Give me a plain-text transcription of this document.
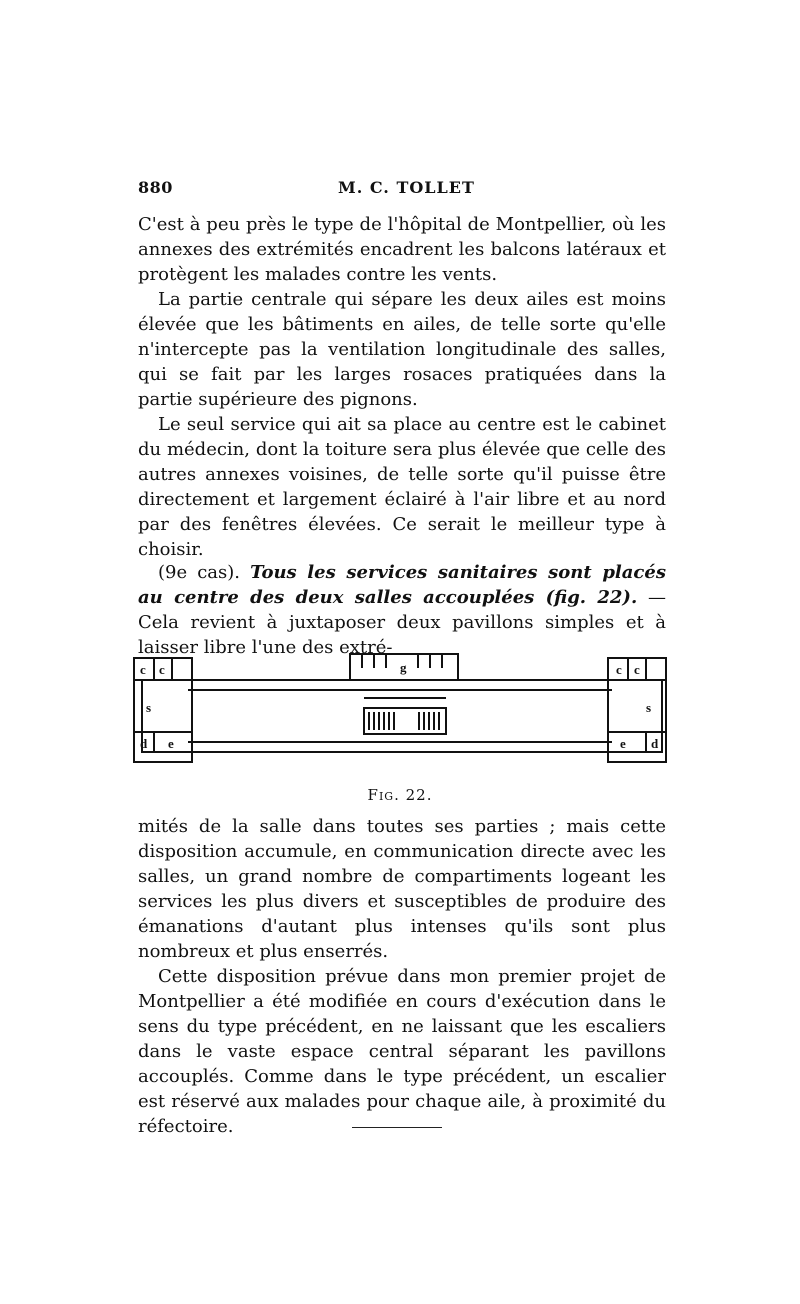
880	M. C. TOLLET

C'est à peu près le type de l'hôpital de Montpellier, où les annexes des extrémités encadrent les balcons latéraux et protègent les malades contre les vents.

La partie centrale qui sépare les deux ailes est moins élevée que les bâtiments en ailes, de telle sorte qu'elle n'intercepte pas la ventilation longitudinale des salles, qui se fait par les larges rosaces pratiquées dans la partie supérieure des pignons.

Le seul service qui ait sa place au centre est le cabinet du médecin, dont la toiture sera plus élevée que celle des autres annexes voisines, de telle sorte qu'il puisse être directement et largement éclairé à l'air libre et au nord par des fenêtres élevées. Ce serait le meilleur type à choisir.

(9e cas). Tous les services sanitaires sont placés au centre des deux salles accouplées (fig. 22). — Cela revient à juxtaposer deux pavillons simples et à laisser libre l'une des extré-

c c
s
d e
g	c c
s
e d
Fig. 22.

mités de la salle dans toutes ses parties ; mais cette disposition accumule, en communication directe avec les salles, un grand nombre de compartiments logeant les services les plus divers et susceptibles de produire des émanations d'autant plus intenses qu'ils sont plus nombreux et plus enserrés.

Cette disposition prévue dans mon premier projet de Montpellier a été modifiée en cours d'exécution dans le sens du type précédent, en ne laissant que les escaliers dans le vaste espace central séparant les pavillons accouplés. Comme dans le type précédent, un escalier est réservé aux malades pour chaque aile, à proximité du réfectoire.
